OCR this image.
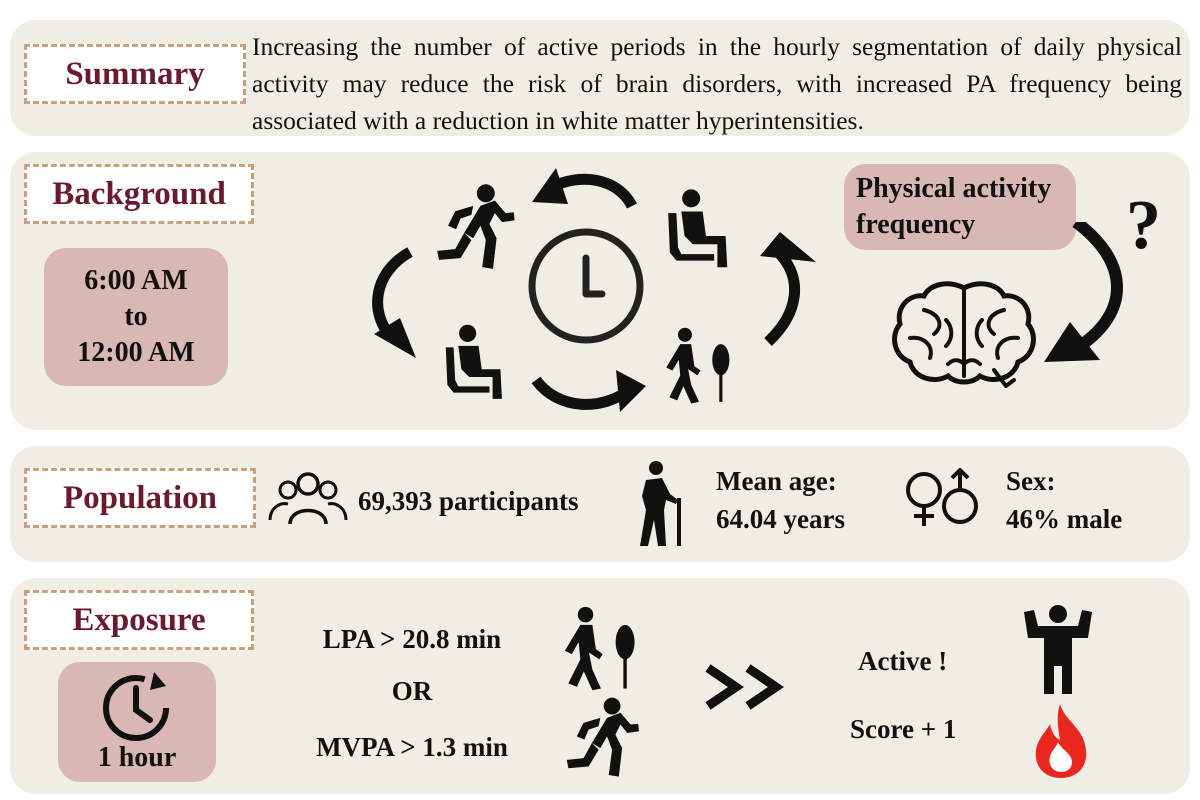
Summary
Increasing the number of active periods in the hourly segmentation of daily physical activity may reduce the risk of brain disorders, with increased PA frequency being associated with a reduction in white matter hyperintensities.
Background
6:00 AM
to
12:00 AM
Physical activity
frequency ?
Population	69,393 participants
Mean age:
64.04 years
Sex:
46% male
Exposure
1 hour
LPA > 20.8 min
OR
MVPA > 1.3 min
Active !
Score + 1
